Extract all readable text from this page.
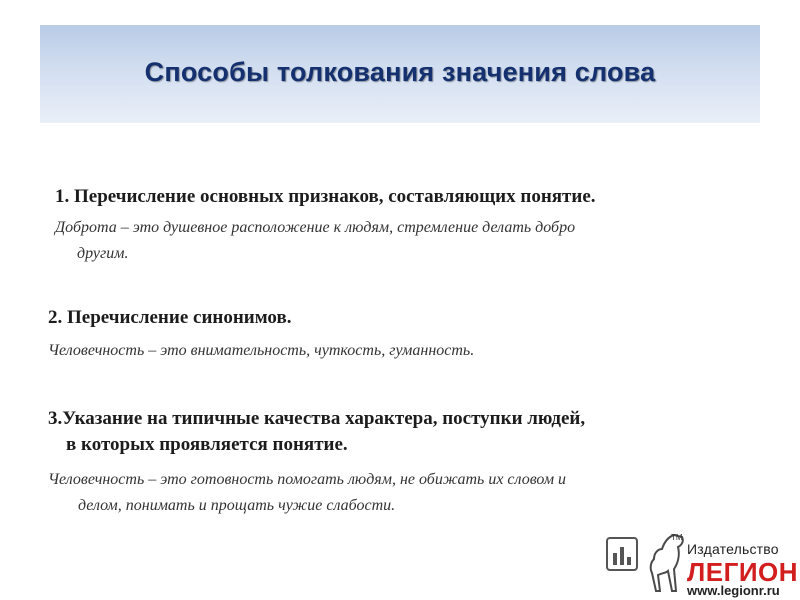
Способы толкования значения слова
1. Перечисление основных признаков, составляющих понятие.
Доброта – это душевное расположение к людям, стремление делать добро
другим.
2. Перечисление синонимов.
Человечность – это внимательность, чуткость, гуманность.
3.Указание на типичные качества характера, поступки людей,
в которых проявляется понятие.
Человечность – это готовность помогать людям, не обижать их словом и
делом, понимать и прощать чужие слабости.
TM
Издательство
ЛЕГИОН
www.legionr.ru
